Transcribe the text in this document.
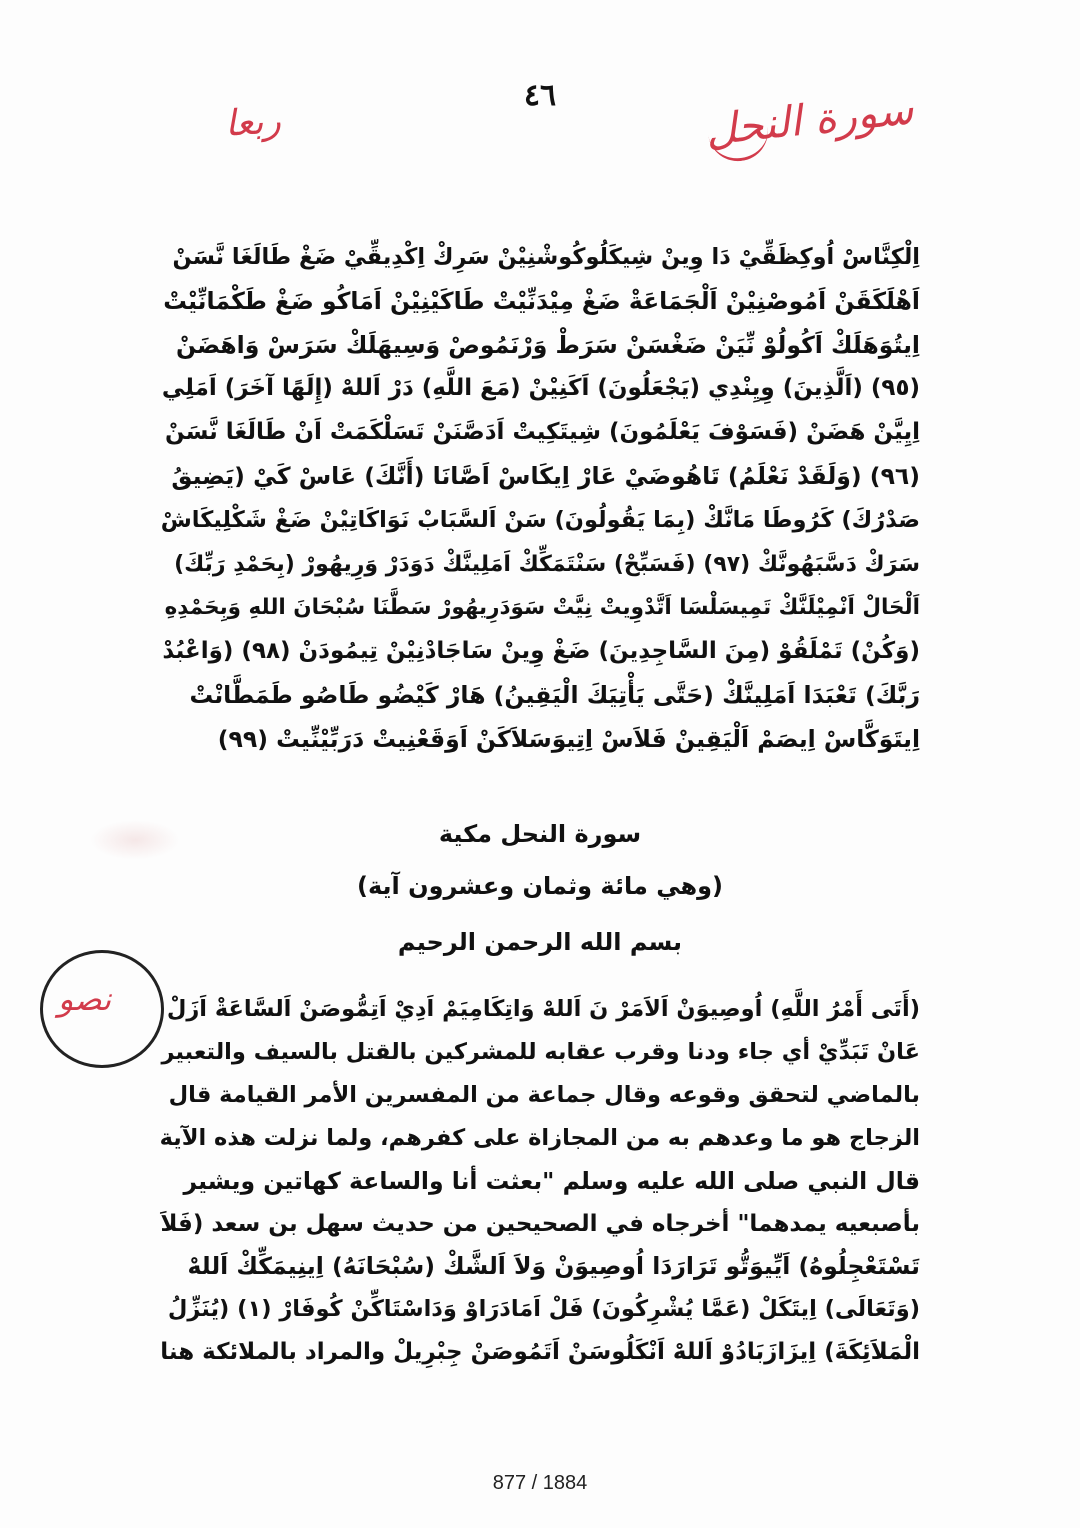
٤٦	سورة النحل
ربعا

اِلْكِنَّاسْ اُوكِظَقِّيْ دَا وِينْ شِيكَلُوكُوشْنِيْنْ سَرِكْ اِكْدِيقِّيْ ضَغْ طَالَغَا نَّسَنْ

اَهْلَكَقَنْ اَمُوصْنِيْنْ اَلْجَمَاعَةْ ضَغْ مِيْدَنِّيْتْ طَاكَيْنِيْنْ اَمَاكُو ضَغْ طَكْمَانِّيْتْ

اِيتُوَهَلَكْ اَكُولُوْ نِّيَنْ ضَغْسَنْ سَرَطْ وَرْنَمُوصْ وَسِيهَلَكْ سَرَسْ وَاهَضَنْ

(٩٥) (اَلَّذِينَ) وِيِنْدِي (يَجْعَلُونَ) اَكَنِيْنْ (مَعَ اللَّهِ) دَرْ اَللهْ (إِلَهًا آخَرَ) اَمَلِي

اِيِيَّنْ هَضَنْ (فَسَوْفَ يَعْلَمُونَ) شِيتَكِيتْ اَدَصَّنَنْ تَسَلْكَمَتْ اَنْ طَالَغَا نَّسَنْ

(٩٦) (وَلَقَدْ نَعْلَمُ) تَاهُوضَيْ عَارْ اِيكَاسْ اَصَّانَا (أَنَّكَ) عَاسْ كَيْ (يَضِيقُ

صَدْرُكَ) كَرُوطَا مَانَّكْ (بِمَا يَقُولُونَ) سَنْ اَلسَّبَابْ نَوَاكَاتِيْنْ ضَغْ شَكْلِيكَاشْ

سَرَكْ دَسَّبَهُونَّكْ (٩٧) (فَسَبِّحْ) سَنْتَمَكِّكْ اَمَلِينَّكْ دَوَدَرْ وَرِيهُورْ (بِحَمْدِ رَبِّكَ)

اَلْحَالْ اَنْمِيْلَنَّكْ تَمِيسَلْسَا اَتَّدْوِيتْ نِيَّتْ سَوَدَرِيهُورْ سَطَّنَا سُبْحَانَ اللهِ وَبِحَمْدِهِ

(وَكُنْ) تَمْلَقُوْ (مِنَ السَّاجِدِينَ) ضَغْ وِينْ سَاجَادْنِيْنْ تِيمُودَنْ (٩٨) (وَاعْبُدْ

رَبَّكَ) تَعْبَدَا اَمَلِينَّكْ (حَتَّى يَأْتِيَكَ الْيَقِينُ) هَارْ كَيْضُو طَاصُو طَمَطَّانْتْ

اِيتَوَكَّاسْ اِيصَمْ اَلْيَقِينْ فَلاَسْ اِتِيوَسَلاَكَنْ اَوَقَعْنِيتْ دَرَبِّيْنِّيتْ (٩٩)

سورة النحل مكية
(وهي مائة وثمان وعشرون آية)
بسم الله الرحمن الرحيم
نصو	(أَتَى أَمْرُ اللَّهِ) اُوصِيوَنْ اَلاَمَرْ نَ اَللهْ وَاتِكَامِيَمْ اَدِيْ اَتِمُّوصَنْ اَلسَّاعَةْ اَزَلْ

عَانْ تَبَدِّيْ أي جاء ودنا وقرب عقابه للمشركين بالقتل بالسيف والتعبير

بالماضي لتحقق وقوعه وقال جماعة من المفسرين الأمر القيامة قال

الزجاج هو ما وعدهم به من المجازاة على كفرهم، ولما نزلت هذه الآية

قال النبي صلى الله عليه وسلم "بعثت أنا والساعة كهاتين ويشير

بأصبعيه يمدهما" أخرجاه في الصحيحين من حديث سهل بن سعد (فَلاَ

تَسْتَعْجِلُوهُ) اَيِّيوَتُّو تَرَارَدَا اُوصِيوَنْ وَلاَ اَلشَّكْ (سُبْحَانَهُ) اِينِيمَكِّكْ اَللهْ

(وَتَعَالَى) اِيتَكَلْ (عَمَّا يُشْرِكُونَ) فَلْ اَمَادَرَاوْ وَدَاسْتَاكِّنْ كُوفَارْ (١) (يُنَزِّلُ

الْمَلاَئِكَةَ) اِيزَازَبَادُوْ اَللهْ اَنْكَلُوسَنْ اَتَمُوصَنْ جِبْرِيلْ والمراد بالملائكة هنا

877 / 1884
